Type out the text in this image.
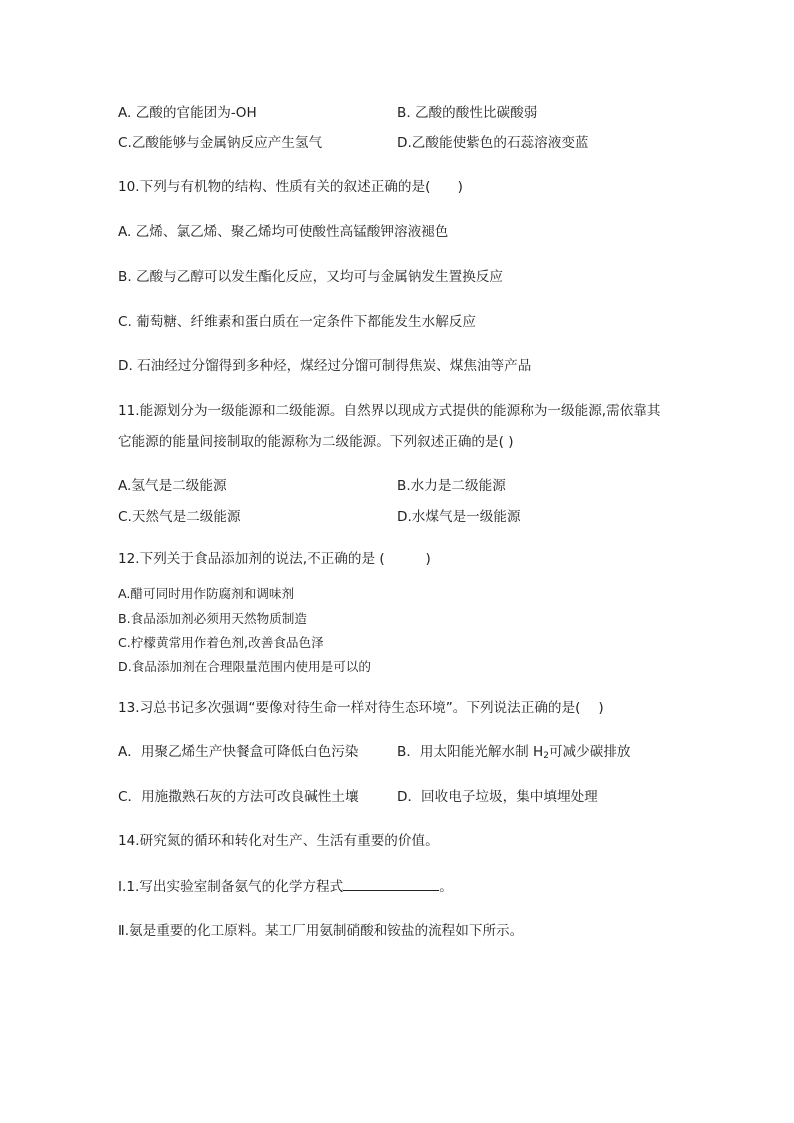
A. 乙酸的官能团为-OH	B. 乙酸的酸性比碳酸弱
C.乙酸能够与金属钠反应产生氢气	D.乙酸能使紫色的石蕊溶液变蓝
10.下列与有机物的结构、性质有关的叙述正确的是(　　)
A. 乙烯、氯乙烯、聚乙烯均可使酸性高锰酸钾溶液褪色
B. 乙酸与乙醇可以发生酯化反应，又均可与金属钠发生置换反应
C. 葡萄糖、纤维素和蛋白质在一定条件下都能发生水解反应
D. 石油经过分馏得到多种烃，煤经过分馏可制得焦炭、煤焦油等产品
11.能源划分为一级能源和二级能源。自然界以现成方式提供的能源称为一级能源,需依靠其
它能源的能量间接制取的能源称为二级能源。下列叙述正确的是( )
A.氢气是二级能源	B.水力是二级能源
C.天然气是二级能源	D.水煤气是一级能源
12.下列关于食品添加剂的说法,不正确的是 (　　　)
A.醋可同时用作防腐剂和调味剂
B.食品添加剂必须用天然物质制造
C.柠檬黄常用作着色剂,改善食品色泽
D.食品添加剂在合理限量范围内使用是可以的
13.习总书记多次强调“要像对待生命一样对待生态环境”。下列说法正确的是(　 )
A．用聚乙烯生产快餐盒可降低白色污染	B．用太阳能光解水制 $H_2$可减少碳排放
C．用施撒熟石灰的方法可改良碱性土壤	D．回收电子垃圾，集中填埋处理
14.研究氮的循环和转化对生产、生活有重要的价值。
I.1.写出实验室制备氨气的化学方程式	。
Ⅱ.氨是重要的化工原料。某工厂用氨制硝酸和铵盐的流程如下所示。
